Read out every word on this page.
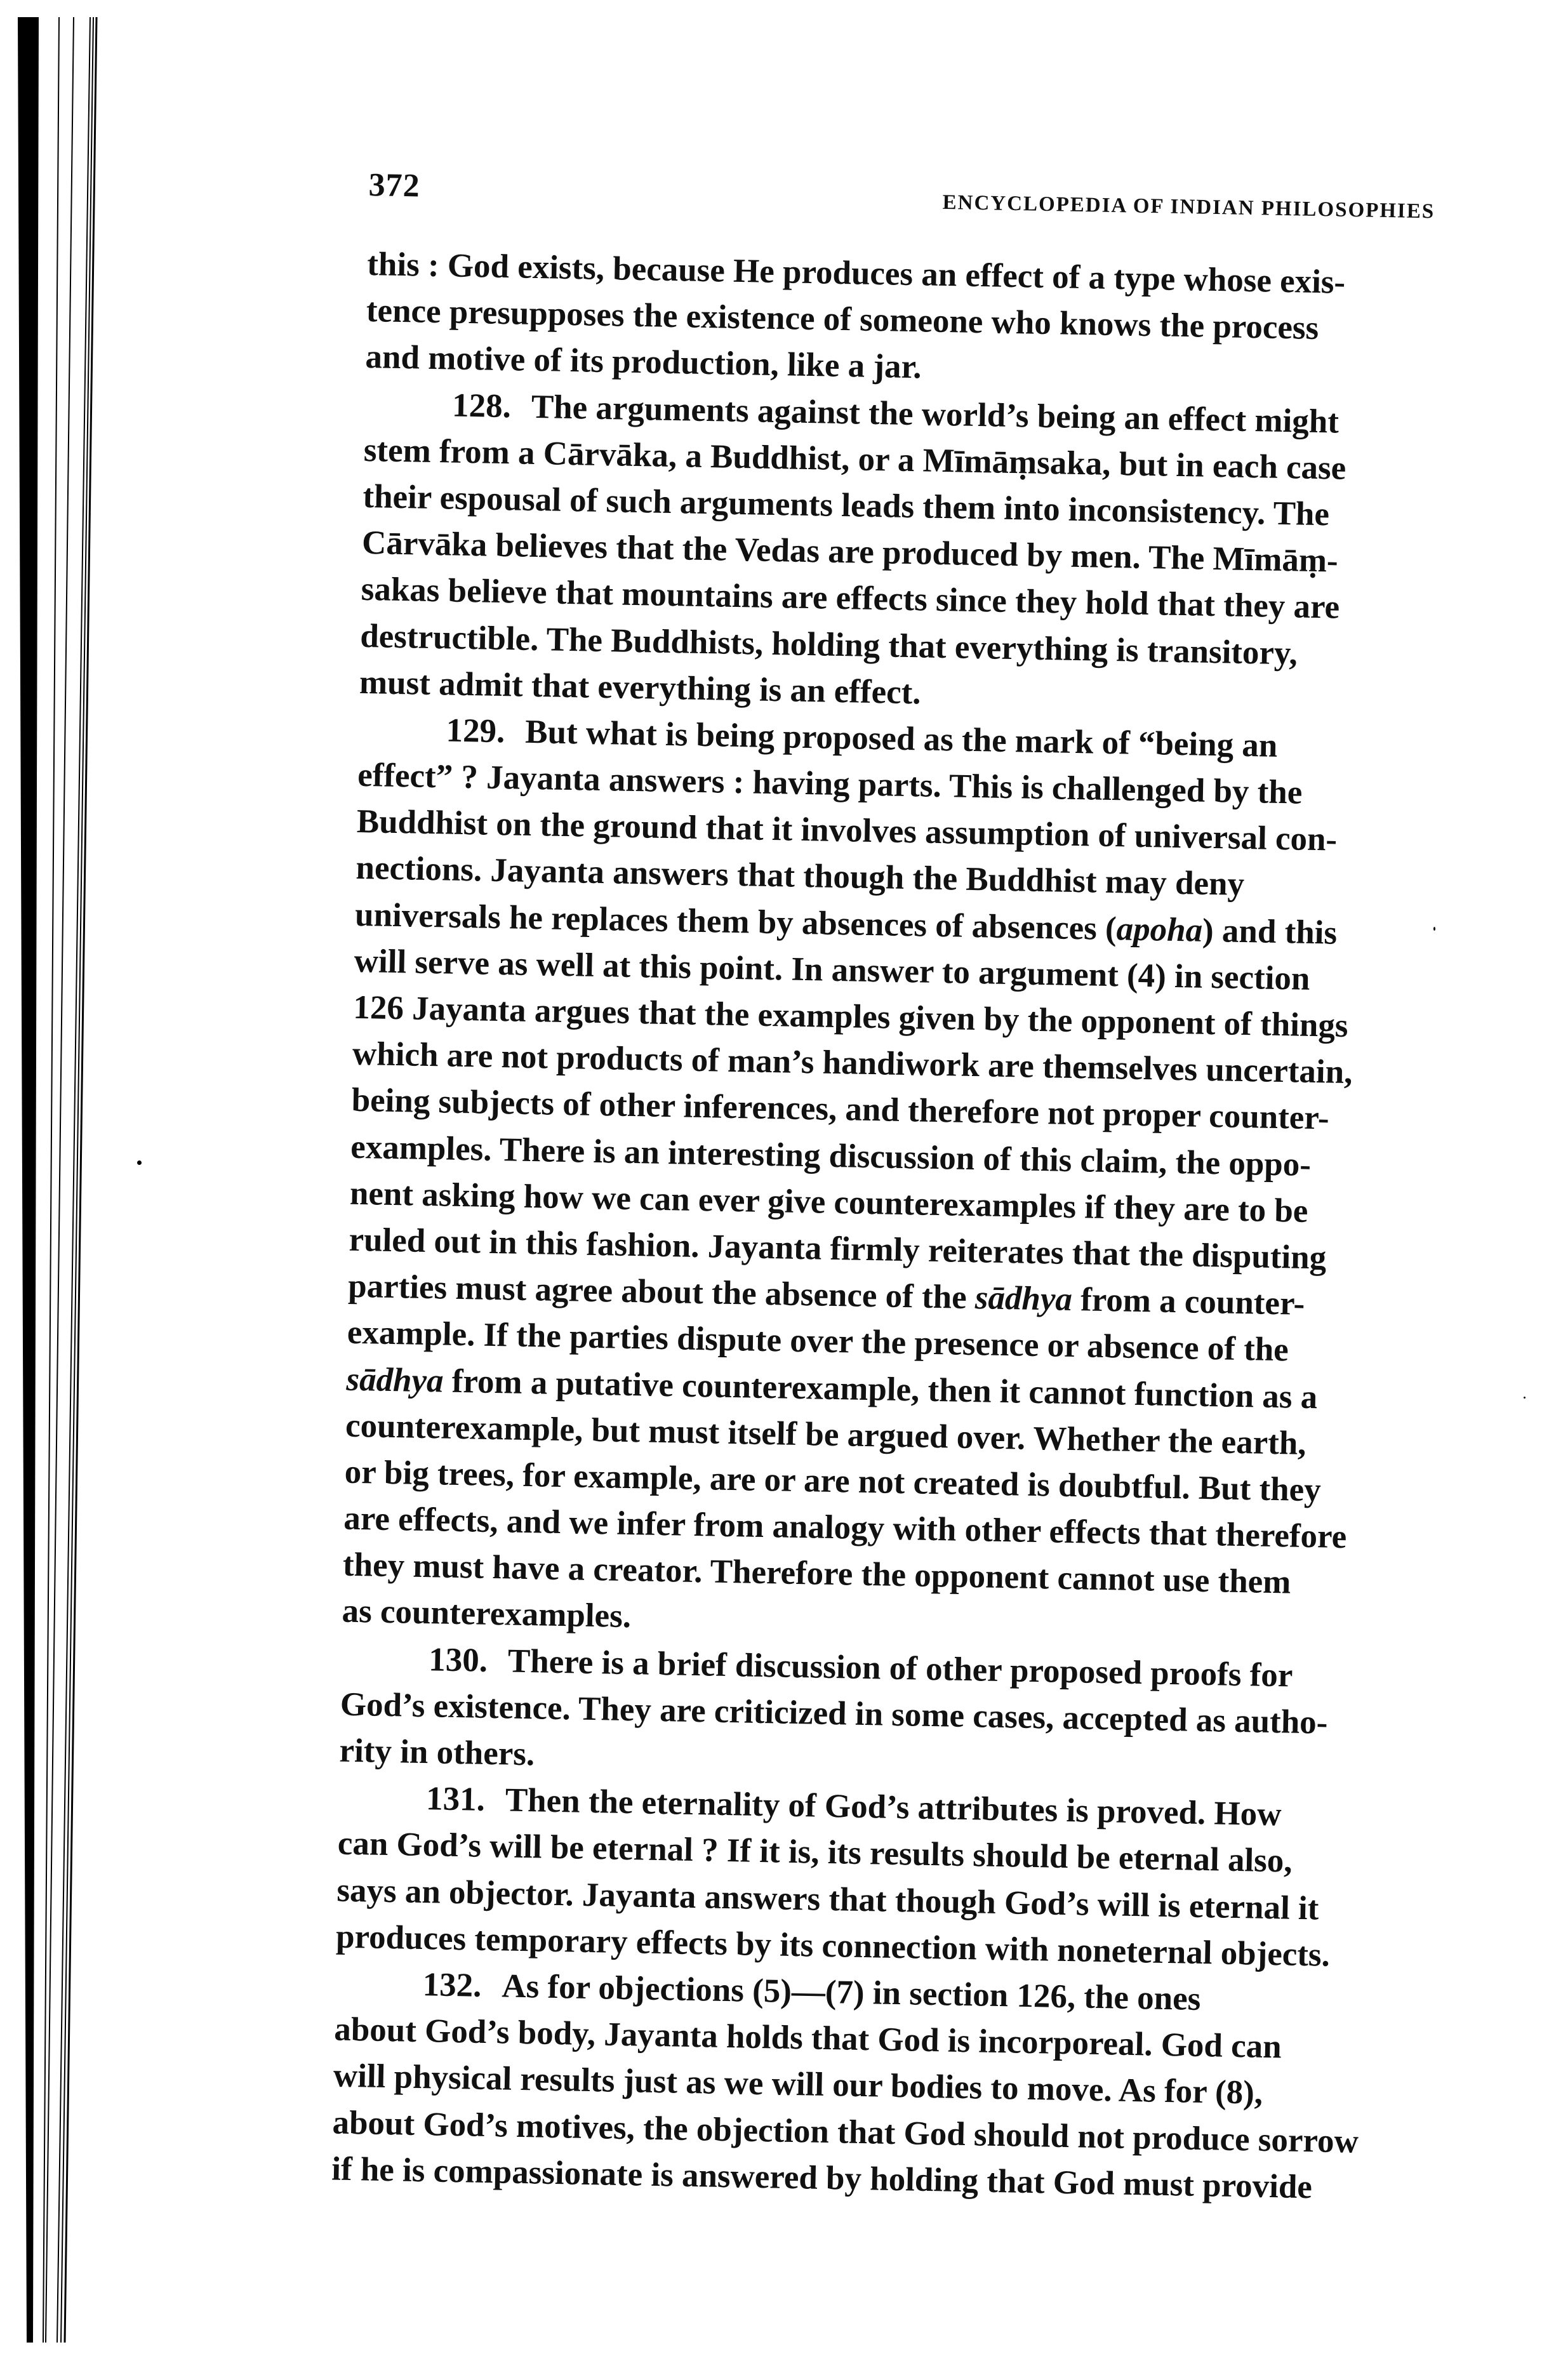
372
ENCYCLOPEDIA OF INDIAN PHILOSOPHIES
this : God exists, because He produces an effect of a type whose exis-
tence presupposes the existence of someone who knows the process
and motive of its production, like a jar.
128. The arguments against the world’s being an effect might
stem from a Cārvāka, a Buddhist, or a Mīmāṃsaka, but in each case
their espousal of such arguments leads them into inconsistency. The
Cārvāka believes that the Vedas are produced by men. The Mīmāṃ-
sakas believe that mountains are effects since they hold that they are
destructible. The Buddhists, holding that everything is transitory,
must admit that everything is an effect.
129. But what is being proposed as the mark of “being an
effect” ? Jayanta answers : having parts. This is challenged by the
Buddhist on the ground that it involves assumption of universal con-
nections. Jayanta answers that though the Buddhist may deny
universals he replaces them by absences of absences (apoha) and this
will serve as well at this point. In answer to argument (4) in section
126 Jayanta argues that the examples given by the opponent of things
which are not products of man’s handiwork are themselves uncertain,
being subjects of other inferences, and therefore not proper counter-
examples. There is an interesting discussion of this claim, the oppo-
nent asking how we can ever give counterexamples if they are to be
ruled out in this fashion. Jayanta firmly reiterates that the disputing
parties must agree about the absence of the sādhya from a counter-
example. If the parties dispute over the presence or absence of the
sādhya from a putative counterexample, then it cannot function as a
counterexample, but must itself be argued over. Whether the earth,
or big trees, for example, are or are not created is doubtful. But they
are effects, and we infer from analogy with other effects that therefore
they must have a creator. Therefore the opponent cannot use them
as counterexamples.
130. There is a brief discussion of other proposed proofs for
God’s existence. They are criticized in some cases, accepted as autho-
rity in others.
131. Then the eternality of God’s attributes is proved. How
can God’s will be eternal ? If it is, its results should be eternal also,
says an objector. Jayanta answers that though God’s will is eternal it
produces temporary effects by its connection with noneternal objects.
132. As for objections (5)—(7) in section 126, the ones
about God’s body, Jayanta holds that God is incorporeal. God can
will physical results just as we will our bodies to move. As for (8),
about God’s motives, the objection that God should not produce sorrow
if he is compassionate is answered by holding that God must provide
